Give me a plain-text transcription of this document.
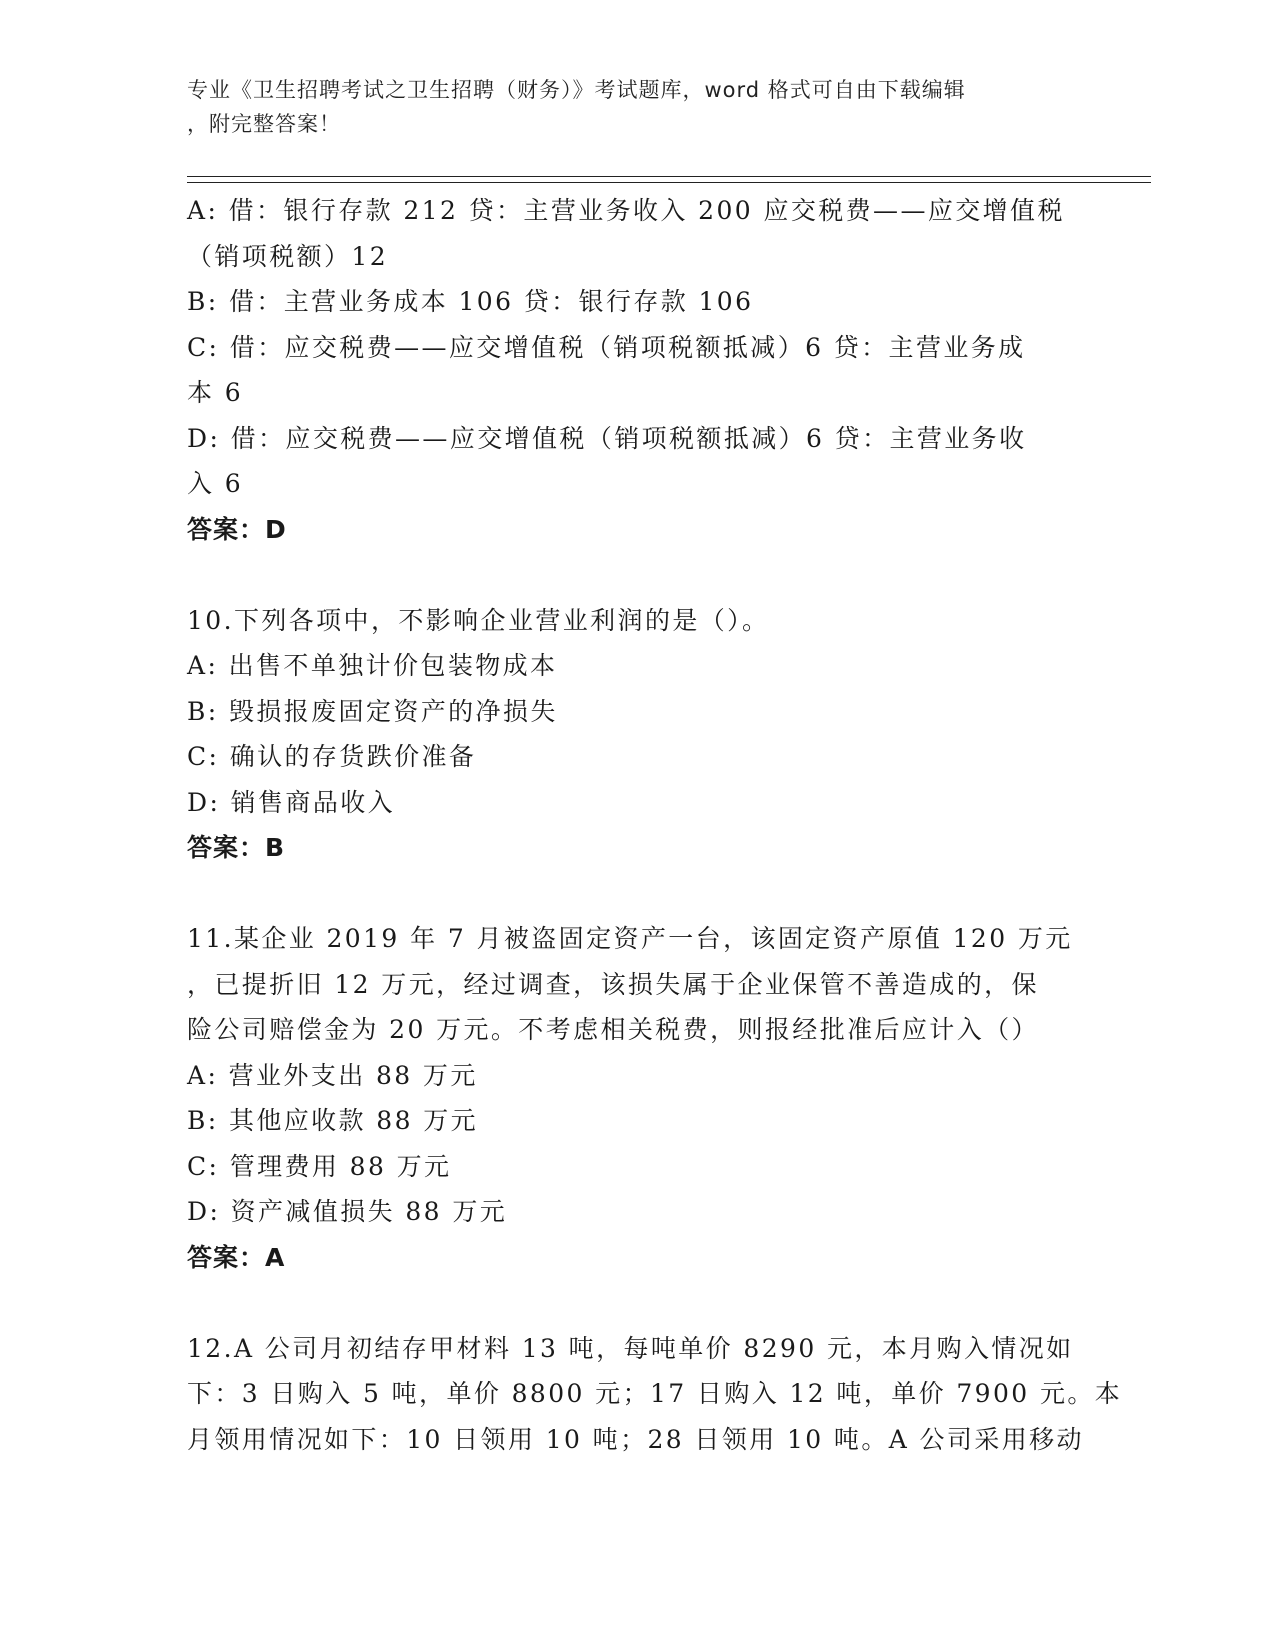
专业《卫生招聘考试之卫生招聘（财务）》考试题库，word 格式可自由下载编辑
，附完整答案！
A: 借：银行存款 212 贷：主营业务收入 200 应交税费——应交增值税
（销项税额）12
B: 借：主营业务成本 106 贷：银行存款 106
C: 借：应交税费——应交增值税（销项税额抵减）6 贷：主营业务成
本 6
D: 借：应交税费——应交增值税（销项税额抵减）6 贷：主营业务收
入 6
答案：D
10.下列各项中，不影响企业营业利润的是（）。
A: 出售不单独计价包装物成本
B: 毁损报废固定资产的净损失
C: 确认的存货跌价准备
D: 销售商品收入
答案：B
11.某企业 2019 年 7 月被盗固定资产一台，该固定资产原值 120 万元
，已提折旧 12 万元，经过调查，该损失属于企业保管不善造成的，保
险公司赔偿金为 20 万元。不考虑相关税费，则报经批准后应计入（）
A: 营业外支出 88 万元
B: 其他应收款 88 万元
C: 管理费用 88 万元
D: 资产减值损失 88 万元
答案：A
12.A 公司月初结存甲材料 13 吨，每吨单价 8290 元，本月购入情况如
下：3 日购入 5 吨，单价 8800 元；17 日购入 12 吨，单价 7900 元。本
月领用情况如下：10 日领用 10 吨；28 日领用 10 吨。A 公司采用移动
